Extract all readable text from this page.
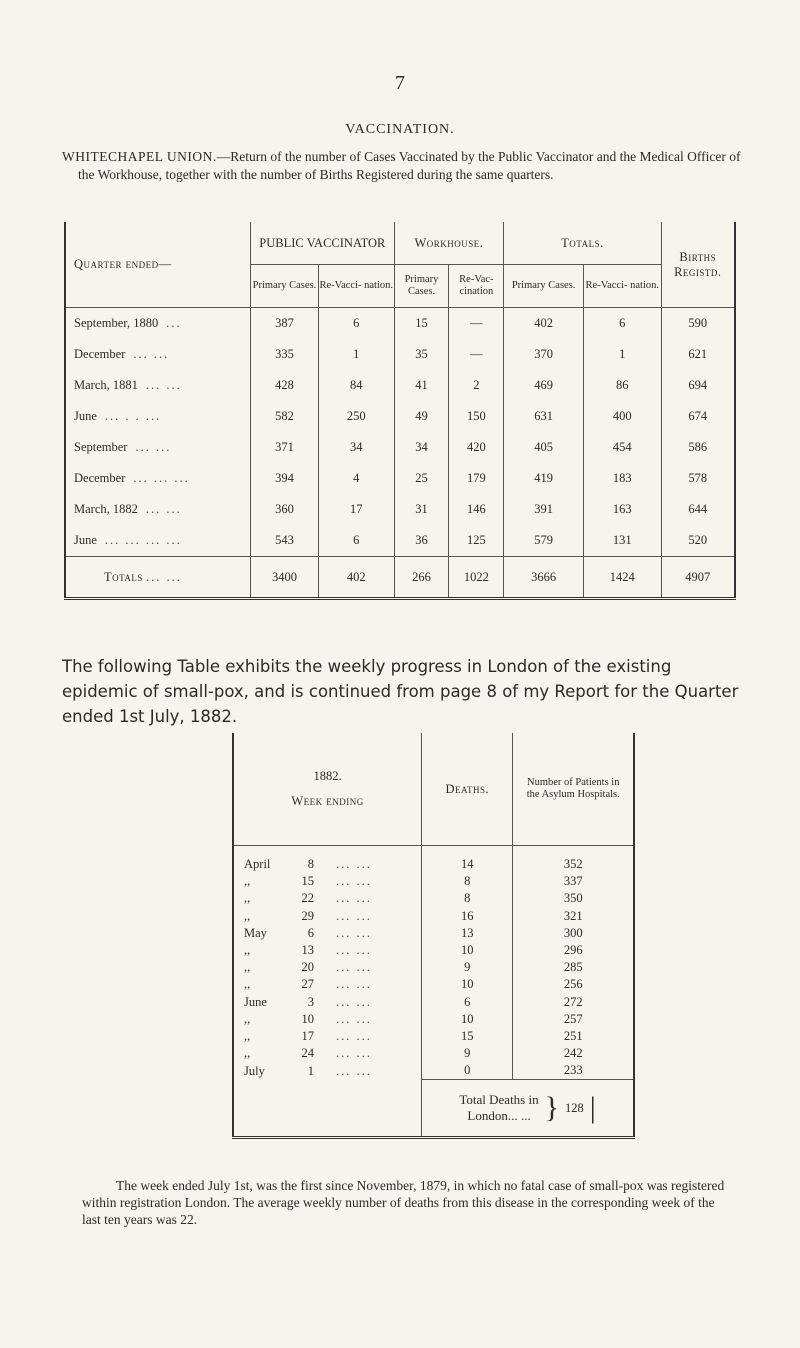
7
VACCINATION.
WHITECHAPEL UNION.—Return of the number of Cases Vaccinated by the Public Vaccinator and the Medical Officer of the Workhouse, together with the number of Births Registered during the same quarters.
Quarter ended—	PUBLIC VACCINATOR		Workhouse.		Totals.		Births Registd.
	Primary Cases.	Re-Vacci- nation.	Primary Cases.	Re-Vac- cination	Primary Cases.	Re-Vacci- nation.	
September, 1880 ...	387	6	15	—	402	6	590
December ... ...	335	1	35	—	370	1	621
March, 1881 ... ...	428	84	41	2	469	86	694
June ... . . ...	582	250	49	150	631	400	674
September ... ...	371	34	34	420	405	454	586
December ... ... ...	394	4	25	179	419	183	578
March, 1882 ... ...	360	17	31	146	391	163	644
June ... ... ... ...	543	6	36	125	579	131	520
Totals ... ...	3400	402	266	1022	3666	1424	4907
The following Table exhibits the weekly progress in London of the existing epidemic of small-pox, and is continued from page 8 of my Report for the Quarter ended 1st July, 1882.
1882.
Week ending	Deaths.	Number of Patients in the Asylum Hospitals.

April 8 ... ...	14	352

,, 15 ... ...	8	337

,, 22 ... ...	8	350

,, 29 ... ...	16	321

May 6 ... ...	13	300

,, 13 ... ...	10	296

,, 20 ... ...	9	285

,, 27 ... ...	10	256

June 3 ... ...	6	272

,, 10 ... ...	10	257

,, 17 ... ...	15	251

,, 24 ... ...	9	242

July 1 ... ...	0	233

	Total Deaths in
London... ... } 128 |	
The week ended July 1st, was the first since November, 1879, in which no fatal case of small-pox was registered within registration London. The average weekly number of deaths from this disease in the corresponding week of the last ten years was 22.
